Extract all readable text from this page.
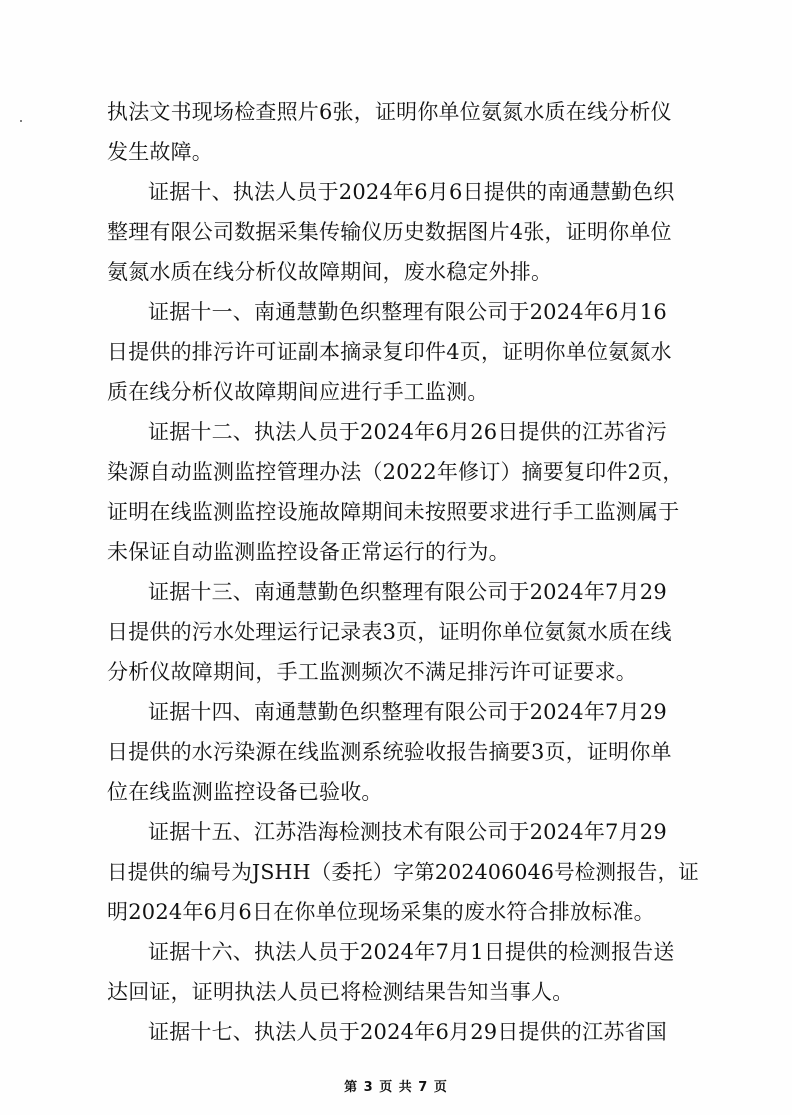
执法文书现场检查照片6张，证明你单位氨氮水质在线分析仪
发生故障。
证据十、执法人员于2024年6月6日提供的南通慧勤色织
整理有限公司数据采集传输仪历史数据图片4张，证明你单位
氨氮水质在线分析仪故障期间，废水稳定外排。
证据十一、南通慧勤色织整理有限公司于2024年6月16
日提供的排污许可证副本摘录复印件4页，证明你单位氨氮水
质在线分析仪故障期间应进行手工监测。
证据十二、执法人员于2024年6月26日提供的江苏省污
染源自动监测监控管理办法（2022年修订）摘要复印件2页，
证明在线监测监控设施故障期间未按照要求进行手工监测属于
未保证自动监测监控设备正常运行的行为。
证据十三、南通慧勤色织整理有限公司于2024年7月29
日提供的污水处理运行记录表3页，证明你单位氨氮水质在线
分析仪故障期间，手工监测频次不满足排污许可证要求。
证据十四、南通慧勤色织整理有限公司于2024年7月29
日提供的水污染源在线监测系统验收报告摘要3页，证明你单
位在线监测监控设备已验收。
证据十五、江苏浩海检测技术有限公司于2024年7月29
日提供的编号为JSHH（委托）字第202406046号检测报告，证
明2024年6月6日在你单位现场采集的废水符合排放标准。
证据十六、执法人员于2024年7月1日提供的检测报告送
达回证，证明执法人员已将检测结果告知当事人。
证据十七、执法人员于2024年6月29日提供的江苏省国
第 3 页 共 7 页
